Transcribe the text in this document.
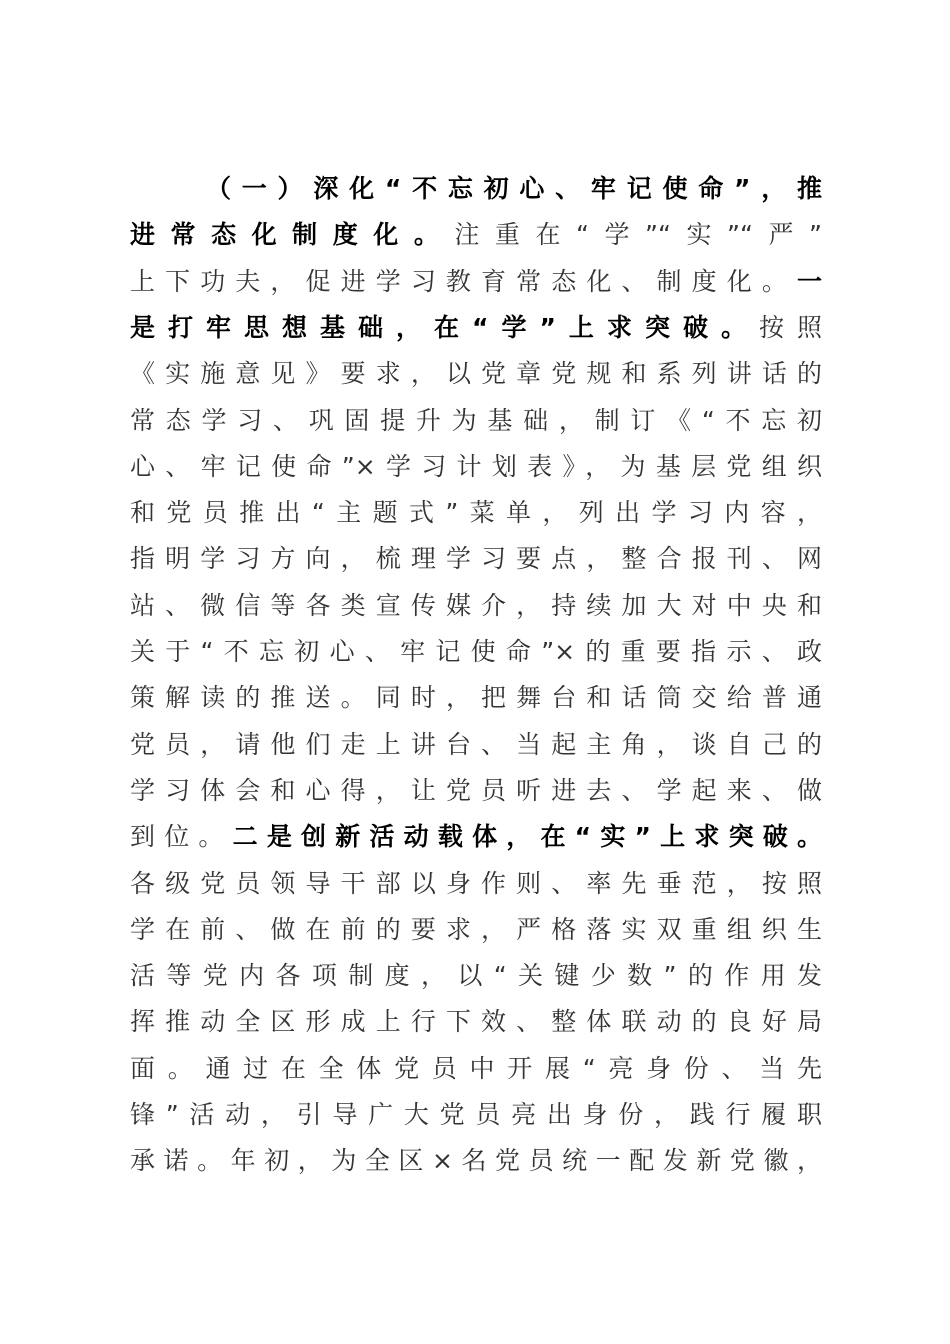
（一）深化“不忘初心、牢记使命”，推
进常态化制度化。注重在“学”“实”“严”
上下功夫，促进学习教育常态化、制度化。一
是打牢思想基础，在“学”上求突破。按照
《实施意见》要求，以党章党规和系列讲话的
常态学习、巩固提升为基础，制订《“不忘初
心、牢记使命”×学习计划表》，为基层党组织
和党员推出“主题式”菜单，列出学习内容，
指明学习方向，梳理学习要点，整合报刊、网
站、微信等各类宣传媒介，持续加大对中央和
关于“不忘初心、牢记使命”×的重要指示、政
策解读的推送。同时，把舞台和话筒交给普通
党员，请他们走上讲台、当起主角，谈自己的
学习体会和心得，让党员听进去、学起来、做
到位。二是创新活动载体，在“实”上求突破。
各级党员领导干部以身作则、率先垂范，按照
学在前、做在前的要求，严格落实双重组织生
活等党内各项制度，以“关键少数”的作用发
挥推动全区形成上行下效、整体联动的良好局
面。通过在全体党员中开展“亮身份、当先
锋”活动，引导广大党员亮出身份，践行履职
承诺。年初，为全区×名党员统一配发新党徽，
